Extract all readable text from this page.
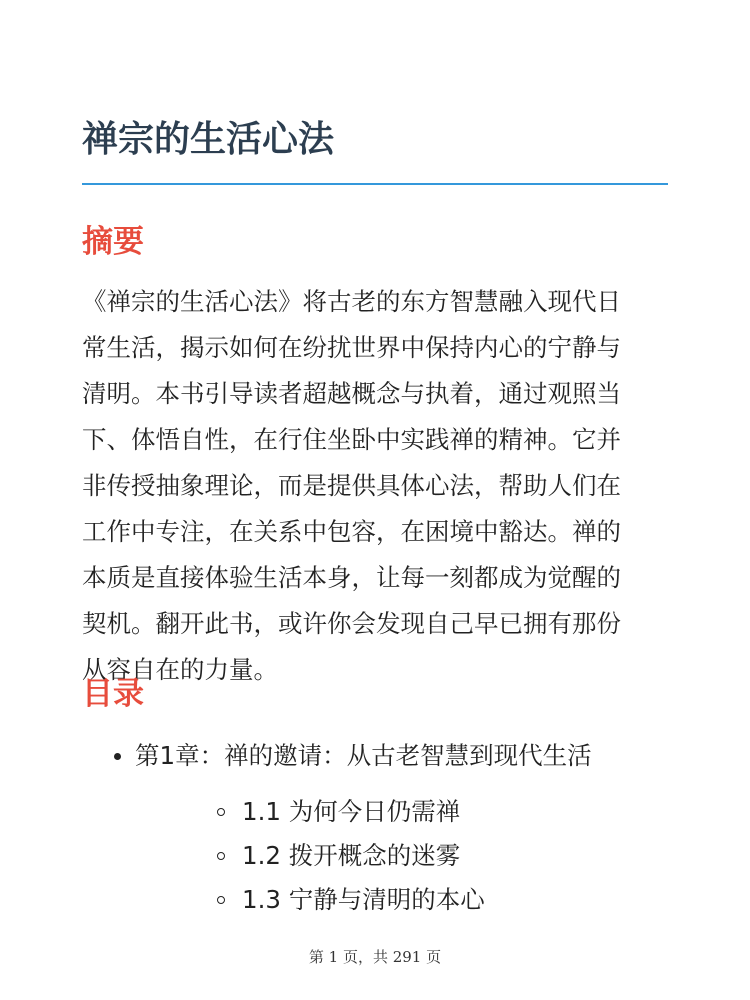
禅宗的生活心法
摘要

《禅宗的生活心法》将古老的东方智慧融入现代日
常生活，揭示如何在纷扰世界中保持内心的宁静与
清明。本书引导读者超越概念与执着，通过观照当
下、体悟自性，在行住坐卧中实践禅的精神。它并
非传授抽象理论，而是提供具体心法，帮助人们在
工作中专注，在关系中包容，在困境中豁达。禅的
本质是直接体验生活本身，让每一刻都成为觉醒的
契机。翻开此书，或许你会发现自己早已拥有那份
从容自在的力量。

目录
第1章：禅的邀请：从古老智慧到现代生活
1.1 为何今日仍需禅
1.2 拨开概念的迷雾
1.3 宁静与清明的本心
第 1 页，共 291 页
